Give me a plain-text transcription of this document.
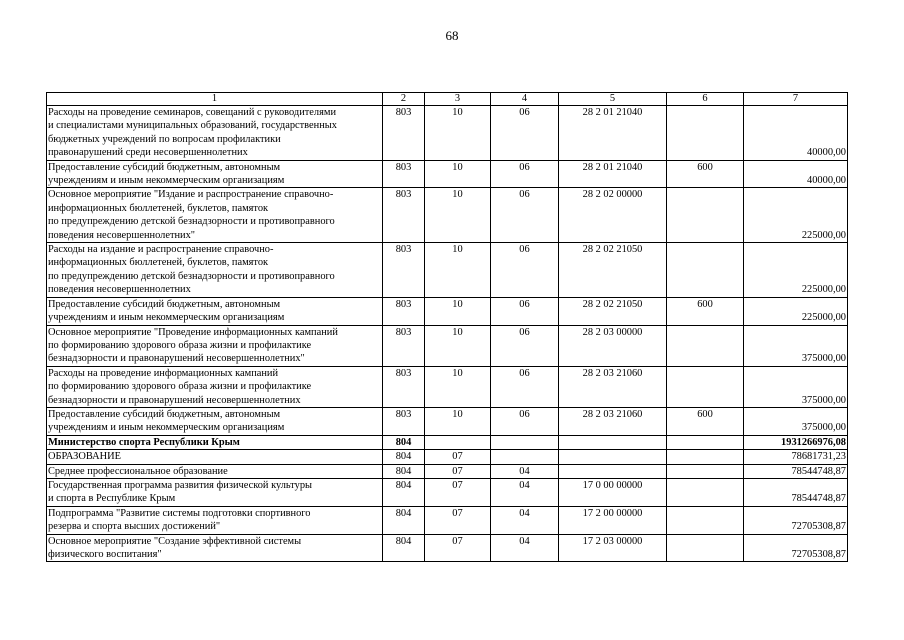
68
1	2	3	4	5	6	7
Расходы на проведение семинаров, совещаний с руководителями
и специалистами муниципальных образований, государственных
бюджетных учреждений по вопросам профилактики
правонарушений среди несовершеннолетних	803	10	06	28 2 01 21040		40000,00
Предоставление субсидий бюджетным, автономным
учреждениям и иным некоммерческим организациям	803	10	06	28 2 01 21040	600	40000,00
Основное мероприятие "Издание и распространение справочно-
информационных бюллетеней, буклетов, памяток
по предупреждению детской безнадзорности и противоправного
поведения несовершеннолетних"	803	10	06	28 2 02 00000		225000,00
Расходы на издание и распространение справочно-
информационных бюллетеней, буклетов, памяток
по предупреждению детской безнадзорности и противоправного
поведения несовершеннолетних	803	10	06	28 2 02 21050		225000,00
Предоставление субсидий бюджетным, автономным
учреждениям и иным некоммерческим организациям	803	10	06	28 2 02 21050	600	225000,00
Основное мероприятие "Проведение информационных кампаний
по формированию здорового образа жизни и профилактике
безнадзорности и правонарушений несовершеннолетних"	803	10	06	28 2 03 00000		375000,00
Расходы на проведение информационных кампаний
по формированию здорового образа жизни и профилактике
безнадзорности и правонарушений несовершеннолетних	803	10	06	28 2 03 21060		375000,00
Предоставление субсидий бюджетным, автономным
учреждениям и иным некоммерческим организациям	803	10	06	28 2 03 21060	600	375000,00
Министерство спорта Республики Крым	804					1931266976,08
ОБРАЗОВАНИЕ	804	07				78681731,23
Среднее профессиональное образование	804	07	04			78544748,87
Государственная программа развития физической культуры
и спорта в Республике Крым	804	07	04	17 0 00 00000		78544748,87
Подпрограмма "Развитие системы подготовки спортивного
резерва и спорта высших достижений"	804	07	04	17 2 00 00000		72705308,87
Основное мероприятие "Создание эффективной системы
физического воспитания"	804	07	04	17 2 03 00000		72705308,87
